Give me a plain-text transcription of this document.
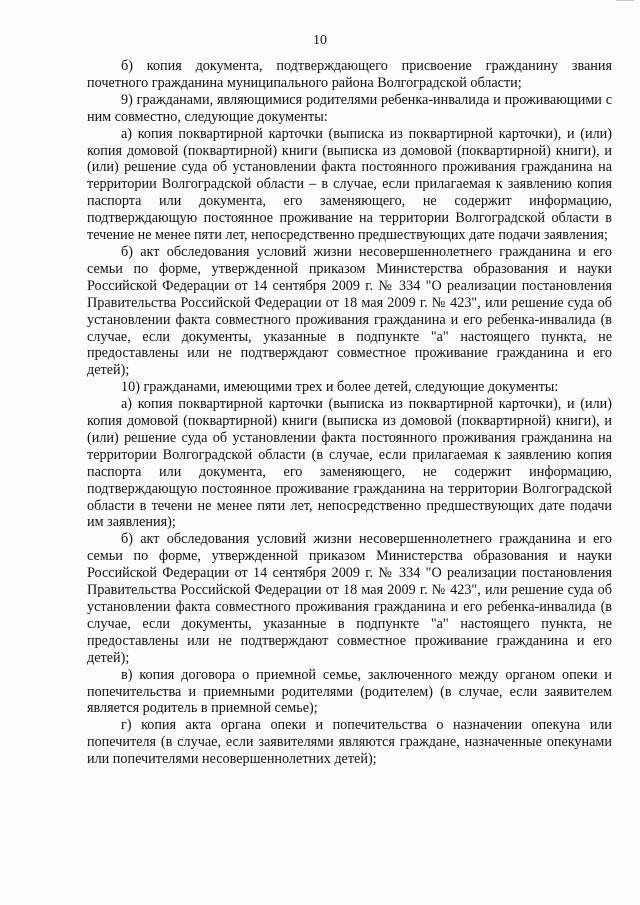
10

б) копия документа, подтверждающего присвоение гражданину звания почетного гражданина муниципального района Волгоградской области;

9) гражданами, являющимися родителями ребенка-инвалида и проживающими с ним совместно, следующие документы:

а) копия поквартирной карточки (выписка из поквартирной карточки), и (или) копия домовой (поквартирной) книги (выписка из домовой (поквартирной) книги), и (или) решение суда об установлении факта постоянного проживания гражданина на территории Волгоградской области – в случае, если прилагаемая к заявлению копия паспорта или документа, его заменяющего, не содержит информацию, подтверждающую постоянное проживание на территории Волгоградской области в течение не менее пяти лет, непосредственно предшествующих дате подачи заявления;

б) акт обследования условий жизни несовершеннолетнего гражданина и его семьи по форме, утвержденной приказом Министерства образования и науки Российской Федерации от 14 сентября 2009 г. № 334 "О реализации постановления Правительства Российской Федерации от 18 мая 2009 г. № 423", или решение суда об установлении факта совместного проживания гражданина и его ребенка-инвалида (в случае, если документы, указанные в подпункте "а" настоящего пункта, не предоставлены или не подтверждают совместное проживание гражданина и его детей);

10) гражданами, имеющими трех и более детей, следующие документы:

а) копия поквартирной карточки (выписка из поквартирной карточки), и (или) копия домовой (поквартирной) книги (выписка из домовой (поквартирной) книги), и (или) решение суда об установлении факта постоянного проживания гражданина на территории Волгоградской области (в случае, если прилагаемая к заявлению копия паспорта или документа, его заменяющего, не содержит информацию, подтверждающую постоянное проживание гражданина на территории Волгоградской области в течени не менее пяти лет, непосредственно предшествующих дате подачи им заявления);

б) акт обследования условий жизни несовершеннолетнего гражданина и его семьи по форме, утвержденной приказом Министерства образования и науки Российской Федерации от 14 сентября 2009 г. № 334 "О реализации постановления Правительства Российской Федерации от 18 мая 2009 г. № 423", или решение суда об установлении факта совместного проживания гражданина и его ребенка-инвалида (в случае, если документы, указанные в подпункте "а" настоящего пункта, не предоставлены или не подтверждают совместное проживание гражданина и его детей);

в) копия договора о приемной семье, заключенного между органом опеки и попечительства и приемными родителями (родителем) (в случае, если заявителем является родитель в приемной семье);

г) копия акта органа опеки и попечительства о назначении опекуна или попечителя (в случае, если заявителями являются граждане, назначенные опекунами или попечителями несовершеннолетних детей);
